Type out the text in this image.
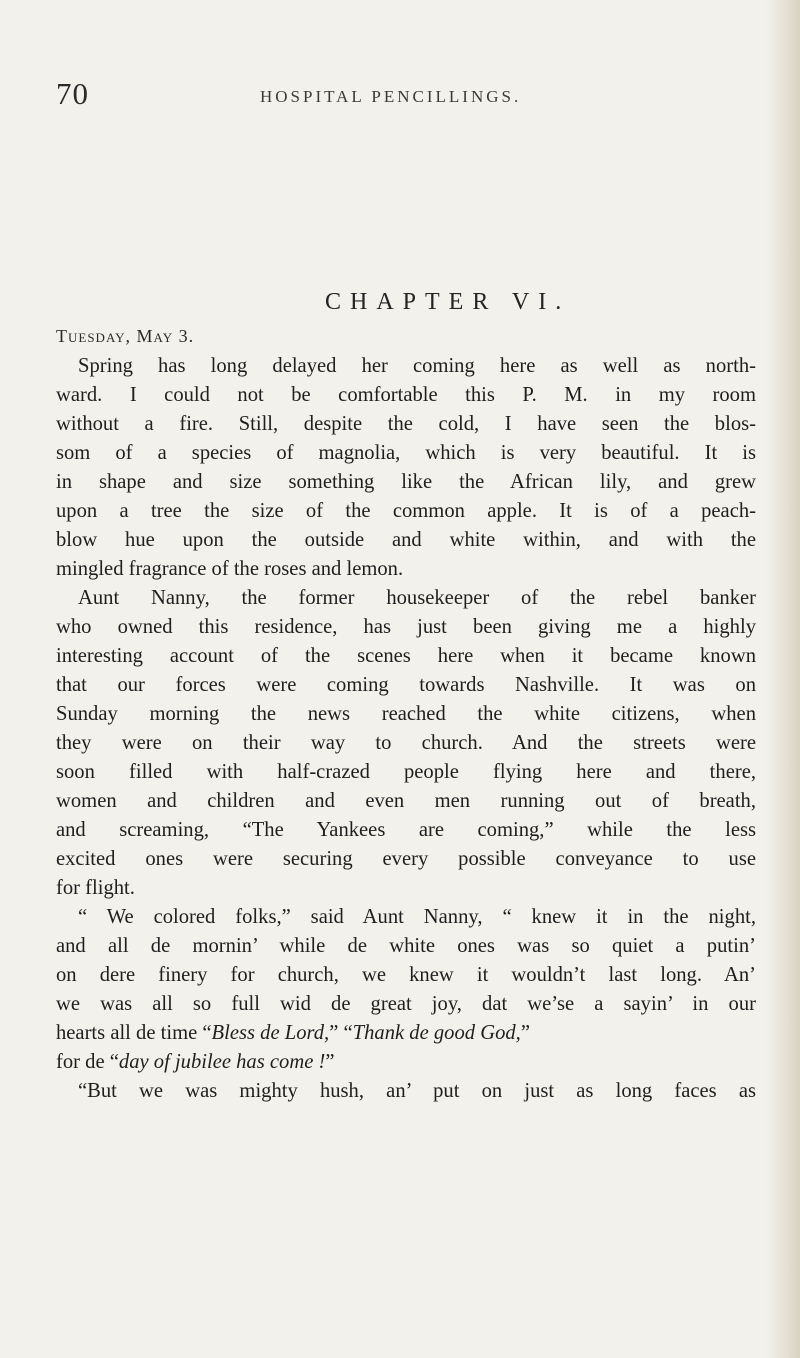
70	HOSPITAL PENCILLINGS.
CHAPTER VI.
Tuesday, May 3.
Spring has long delayed her coming here as well as north-
ward. I could not be comfortable this P. M. in my room
without a fire. Still, despite the cold, I have seen the blos-
som of a species of magnolia, which is very beautiful. It is
in shape and size something like the African lily, and grew
upon a tree the size of the common apple. It is of a peach-
blow hue upon the outside and white within, and with the
mingled fragrance of the roses and lemon.
Aunt Nanny, the former housekeeper of the rebel banker
who owned this residence, has just been giving me a highly
interesting account of the scenes here when it became known
that our forces were coming towards Nashville. It was on
Sunday morning the news reached the white citizens, when
they were on their way to church. And the streets were
soon filled with half-crazed people flying here and there,
women and children and even men running out of breath,
and screaming, “The Yankees are coming,” while the less
excited ones were securing every possible conveyance to use
for flight.
“ We colored folks,” said Aunt Nanny, “ knew it in the night,
and all de mornin’ while de white ones was so quiet a putin’
on dere finery for church, we knew it wouldn’t last long. An’
we was all so full wid de great joy, dat we’se a sayin’ in our
hearts all de time “Bless de Lord,” “Thank de good God,”
for de “day of jubilee has come !”
“But we was mighty hush, an’ put on just as long faces as
